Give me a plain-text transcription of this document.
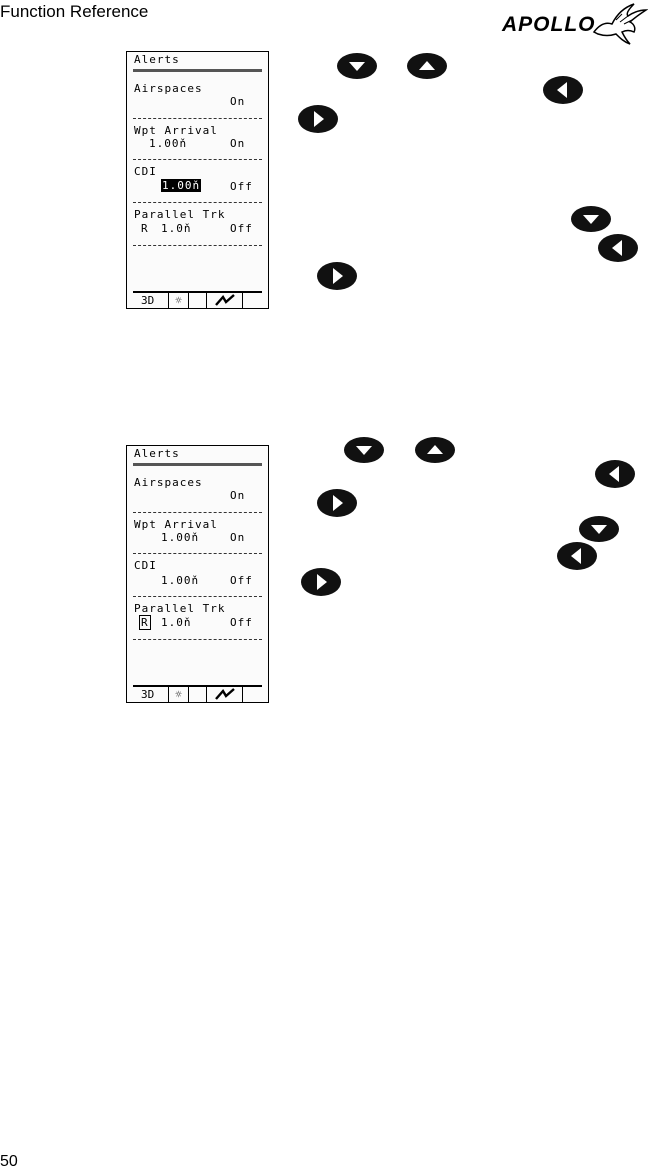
Function Reference
APOLLO
Alerts
Airspaces
On
Wpt Arrival
1.00ň	On
CDI
1.00ň	Off
Parallel Trk
R 1.0ň	Off
3D	☼
Alerts
Airspaces
On
Wpt Arrival
1.00ň	On
CDI
1.00ň	Off
Parallel Trk
R 1.0ň	Off
3D	☼
50
